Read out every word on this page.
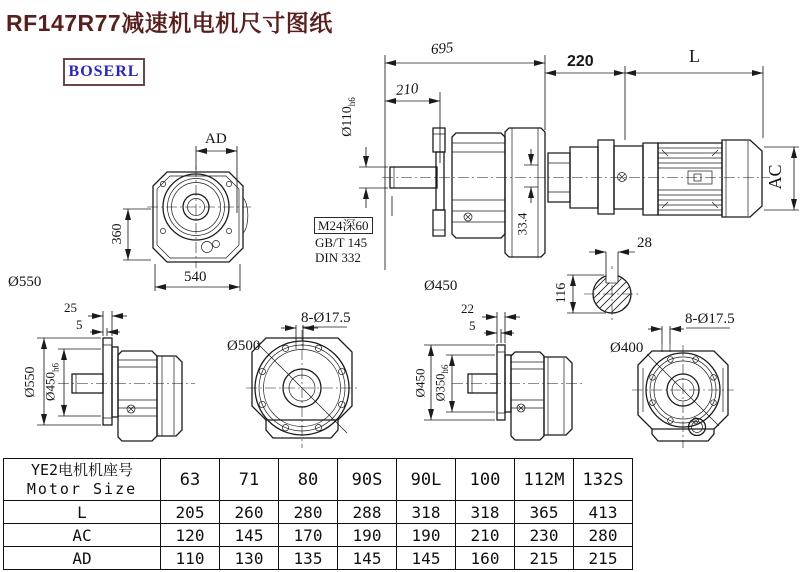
RF147R77减速机电机尺寸图纸
BOSERL
AD
360
540
Ø550
695
210
220	L
$Ø110_{h6}$
M24深60
GB/T 145
DIN 332
33.4
Ø450
AC
28
116
25
5
Ø550 $Ø450_{h6}$
8-Ø17.5
Ø500
22
5
Ø450 $Ø350_{h6}$
8-Ø17.5
Ø400
YE2电机机座号
Motor Size	63	71	80	90S	90L	100	112M	132S
L	205	260	280	288	318	318	365	413
AC	120	145	170	190	190	210	230	280
AD	110	130	135	145	145	160	215	215
